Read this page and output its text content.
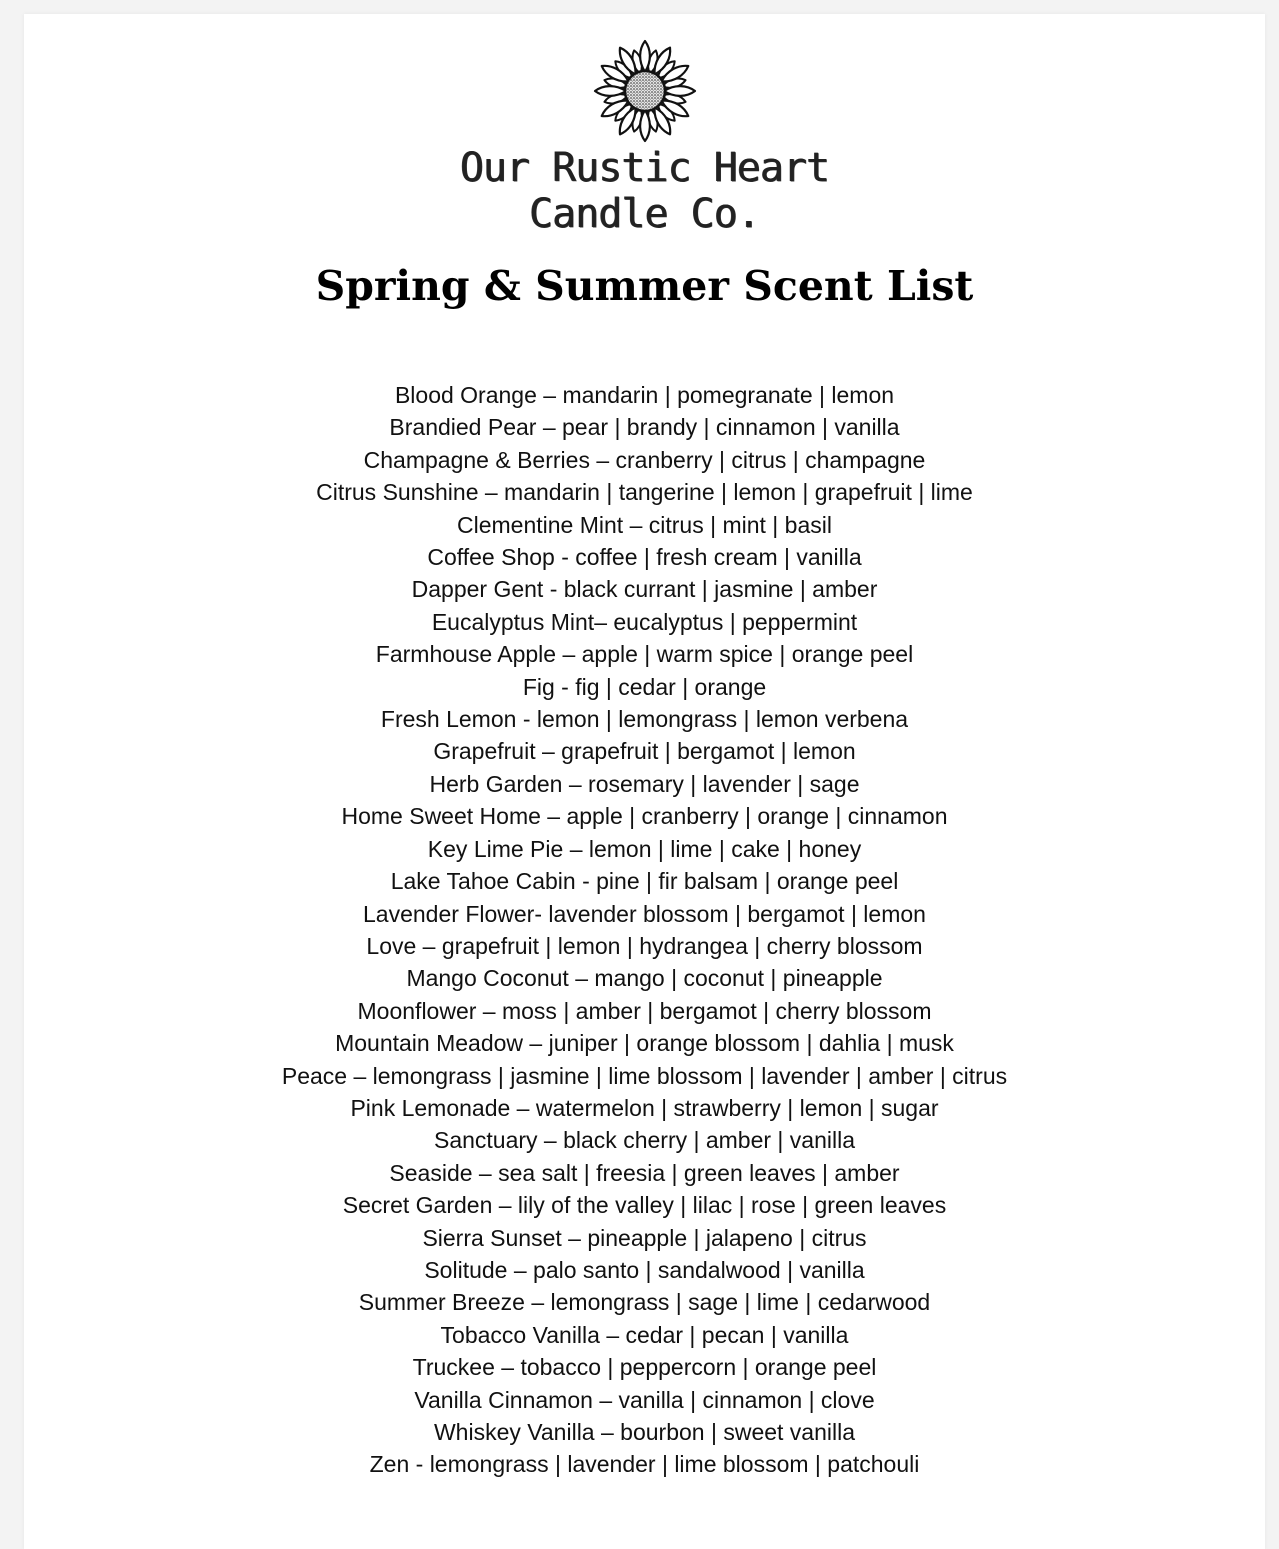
Our Rustic Heart
Candle Co.
Spring & Summer Scent List
Blood Orange – mandarin | pomegranate | lemon
Brandied Pear – pear | brandy | cinnamon | vanilla
Champagne & Berries – cranberry | citrus | champagne
Citrus Sunshine – mandarin | tangerine | lemon | grapefruit | lime
Clementine Mint – citrus | mint | basil
Coffee Shop - coffee | fresh cream | vanilla
Dapper Gent - black currant | jasmine | amber
Eucalyptus Mint– eucalyptus | peppermint
Farmhouse Apple – apple | warm spice | orange peel
Fig - fig | cedar | orange
Fresh Lemon - lemon | lemongrass | lemon verbena
Grapefruit – grapefruit | bergamot | lemon
Herb Garden – rosemary | lavender | sage
Home Sweet Home – apple | cranberry | orange | cinnamon
Key Lime Pie – lemon | lime | cake | honey
Lake Tahoe Cabin - pine | fir balsam | orange peel
Lavender Flower- lavender blossom | bergamot | lemon
Love – grapefruit | lemon | hydrangea | cherry blossom
Mango Coconut – mango | coconut | pineapple
Moonflower – moss | amber | bergamot | cherry blossom
Mountain Meadow – juniper | orange blossom | dahlia | musk
Peace – lemongrass | jasmine | lime blossom | lavender | amber | citrus
Pink Lemonade – watermelon | strawberry | lemon | sugar
Sanctuary – black cherry | amber | vanilla
Seaside – sea salt | freesia | green leaves | amber
Secret Garden – lily of the valley | lilac | rose | green leaves
Sierra Sunset – pineapple | jalapeno | citrus
Solitude – palo santo | sandalwood | vanilla
Summer Breeze – lemongrass | sage | lime | cedarwood
Tobacco Vanilla – cedar | pecan | vanilla
Truckee – tobacco | peppercorn | orange peel
Vanilla Cinnamon – vanilla | cinnamon | clove
Whiskey Vanilla – bourbon | sweet vanilla
Zen - lemongrass | lavender | lime blossom | patchouli
